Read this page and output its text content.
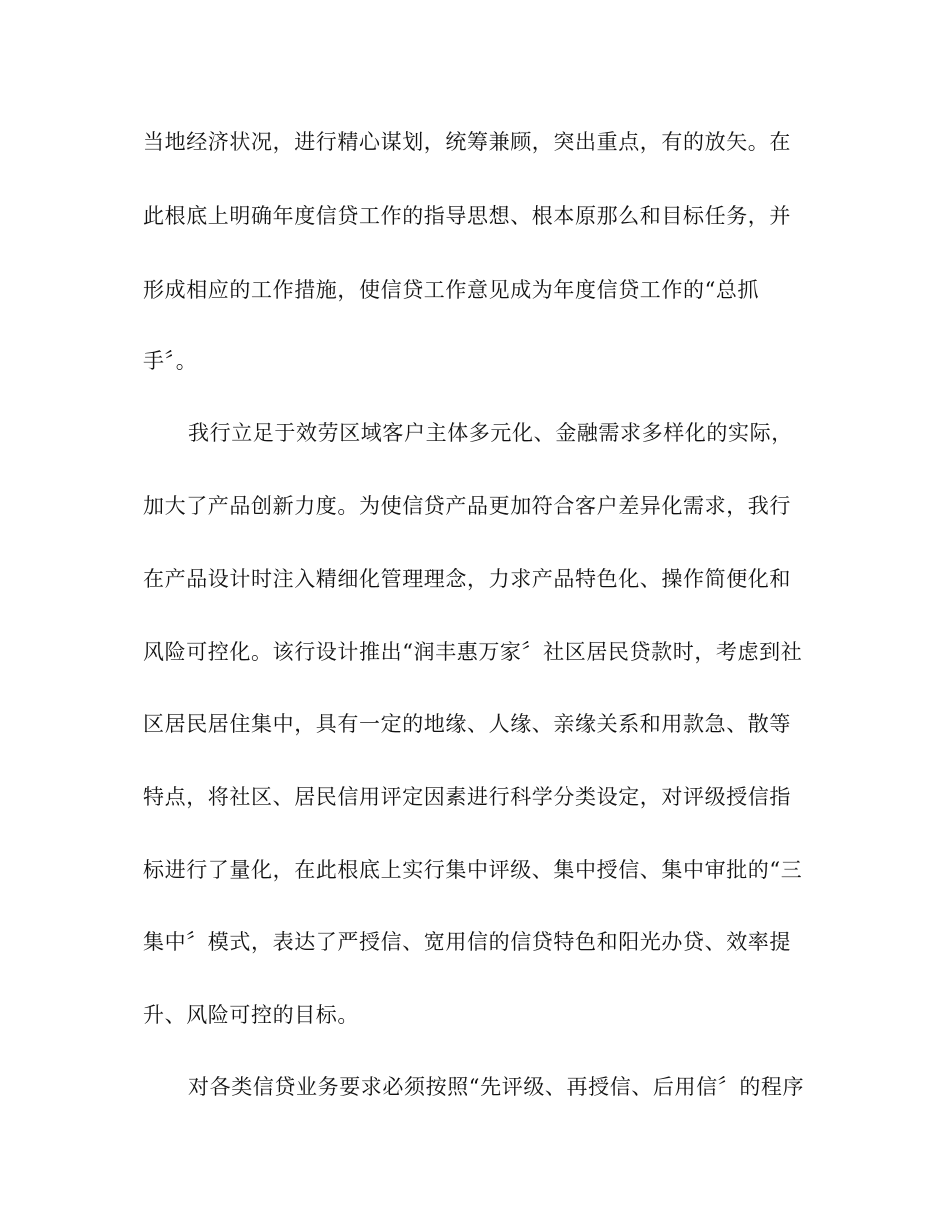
当地经济状况，进行精心谋划，统筹兼顾，突出重点，有的放矢。在
此根底上明确年度信贷工作的指导思想、根本原那么和目标任务，并
形成相应的工作措施，使信贷工作意见成为年度信贷工作的“总抓
手〞。
我行立足于效劳区域客户主体多元化、金融需求多样化的实际，
加大了产品创新力度。为使信贷产品更加符合客户差异化需求，我行
在产品设计时注入精细化管理理念，力求产品特色化、操作简便化和
风险可控化。该行设计推出“润丰惠万家〞社区居民贷款时，考虑到社
区居民居住集中，具有一定的地缘、人缘、亲缘关系和用款急、散等
特点，将社区、居民信用评定因素进行科学分类设定，对评级授信指
标进行了量化，在此根底上实行集中评级、集中授信、集中审批的“三
集中〞模式，表达了严授信、宽用信的信贷特色和阳光办贷、效率提
升、风险可控的目标。
对各类信贷业务要求必须按照“先评级、再授信、后用信〞的程序
